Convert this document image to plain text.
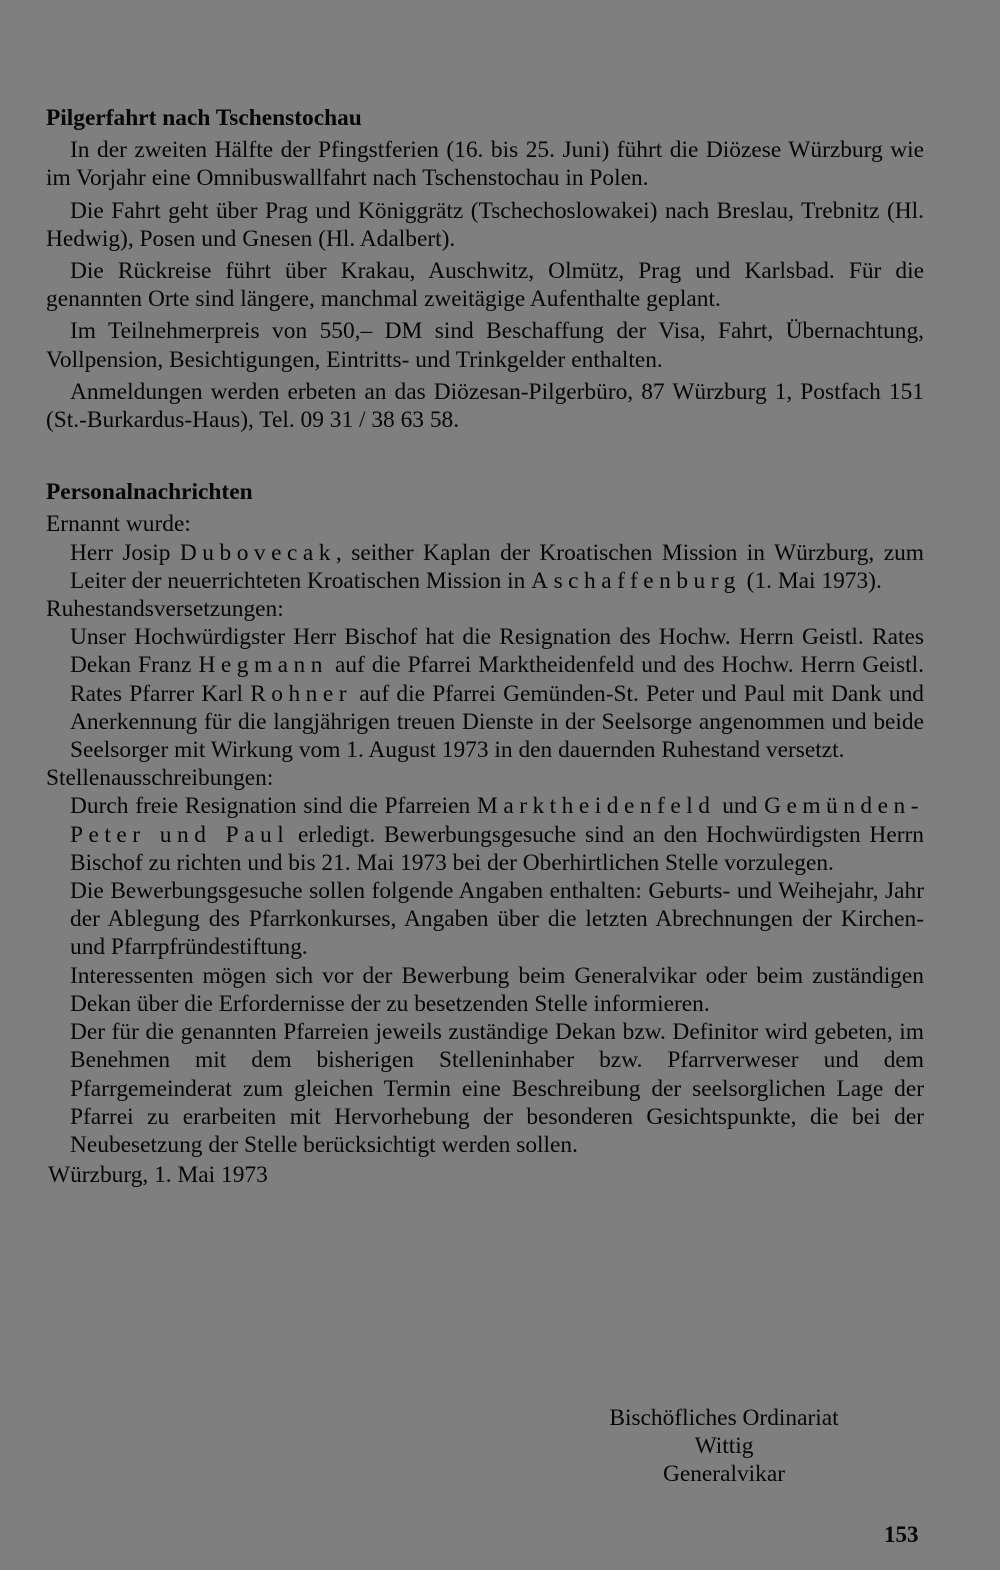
Pilgerfahrt nach Tschenstochau

In der zweiten Hälfte der Pfingstferien (16. bis 25. Juni) führt die Diözese Würzburg wie im Vorjahr eine Omnibuswallfahrt nach Tschenstochau in Polen.

Die Fahrt geht über Prag und Königgrätz (Tschechoslowakei) nach Breslau, Trebnitz (Hl. Hedwig), Posen und Gnesen (Hl. Adalbert).

Die Rückreise führt über Krakau, Auschwitz, Olmütz, Prag und Karlsbad. Für die genannten Orte sind längere, manchmal zweitägige Aufenthalte geplant.

Im Teilnehmerpreis von 550,– DM sind Beschaffung der Visa, Fahrt, Übernachtung, Vollpension, Besichtigungen, Eintritts- und Trinkgelder enthalten.

Anmeldungen werden erbeten an das Diözesan-Pilgerbüro, 87 Würzburg 1, Postfach 151 (St.-Burkardus-Haus), Tel. 09 31 / 38 63 58.

Personalnachrichten

Ernannt wurde:

Herr Josip Dubovecak, seither Kaplan der Kroatischen Mission in Würzburg, zum Leiter der neuerrichteten Kroatischen Mission in Aschaffenburg (1. Mai 1973).

Ruhestandsversetzungen:

Unser Hochwürdigster Herr Bischof hat die Resignation des Hochw. Herrn Geistl. Rates Dekan Franz Hegmann auf die Pfarrei Marktheidenfeld und des Hochw. Herrn Geistl. Rates Pfarrer Karl Rohner auf die Pfarrei Gemünden-St. Peter und Paul mit Dank und Anerkennung für die langjährigen treuen Dienste in der Seelsorge angenommen und beide Seelsorger mit Wirkung vom 1. August 1973 in den dauernden Ruhestand versetzt.

Stellenausschreibungen:

Durch freie Resignation sind die Pfarreien Marktheidenfeld und Gemünden-Peter und Paul erledigt. Bewerbungsgesuche sind an den Hochwürdigsten Herrn Bischof zu richten und bis 21. Mai 1973 bei der Oberhirtlichen Stelle vorzulegen.

Die Bewerbungsgesuche sollen folgende Angaben enthalten: Geburts- und Weihejahr, Jahr der Ablegung des Pfarrkonkurses, Angaben über die letzten Abrechnungen der Kirchen- und Pfarrpfründestiftung.

Interessenten mögen sich vor der Bewerbung beim Generalvikar oder beim zuständigen Dekan über die Erfordernisse der zu besetzenden Stelle informieren.

Der für die genannten Pfarreien jeweils zuständige Dekan bzw. Definitor wird gebeten, im Benehmen mit dem bisherigen Stelleninhaber bzw. Pfarrverweser und dem Pfarrgemeinderat zum gleichen Termin eine Beschreibung der seelsorglichen Lage der Pfarrei zu erarbeiten mit Hervorhebung der besonderen Gesichtspunkte, die bei der Neubesetzung der Stelle berücksichtigt werden sollen.

Würzburg, 1. Mai 1973

Bischöfliches Ordinariat
Wittig
Generalvikar
153
